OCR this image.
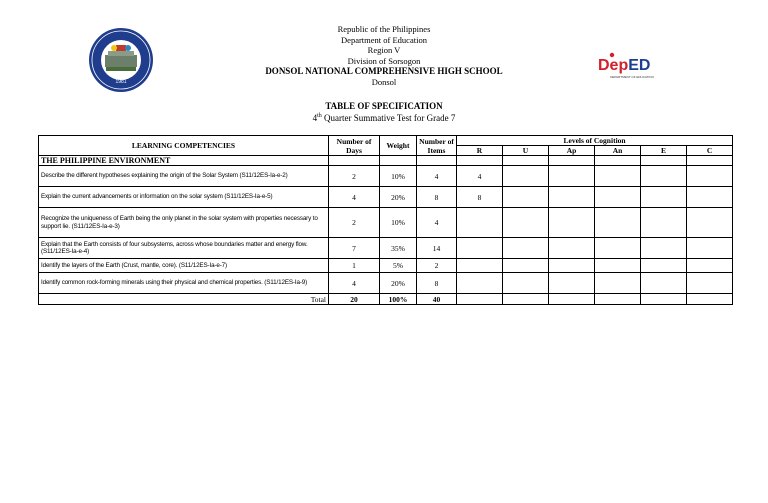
1981
DepED
DEPARTMENT OF EDUCATION
Republic of the Philippines
Department of Education
Region V
Division of Sorsogon
DONSOL NATIONAL COMPREHENSIVE HIGH SCHOOL
Donsol
TABLE OF SPECIFICATION
4th Quarter Summative Test for Grade 7
LEARNING COMPETENCIES	Number of Days	Weight	Number of Items	Levels of Cognition					
				R	U	Ap	An	E	C
THE PHILIPPINE ENVIRONMENT									
Describe the different hypotheses explaining the origin of the Solar System (S11/12ES-Ia-e-2)	2	10%	4	4					
Explain the current advancements or information on the solar system (S11/12ES-Ia-e-5)	4	20%	8	8					
Recognize the uniqueness of Earth being the only planet in the solar system with properties necessary to support lie. (S11/12ES-Ia-e-3)	2	10%	4						
Explain that the Earth consists of four subsystems, across whose boundaries matter and energy flow. (S11/12ES-Ia-e-4)	7	35%	14						
Identify the layers of the Earth (Crust, mantle, core). (S11/12ES-Ia-e-7)	1	5%	2						
Identify common rock-forming minerals using their physical and chemical properties. (S11/12ES-Ia-9)	4	20%	8						
Total	20	100%	40						
